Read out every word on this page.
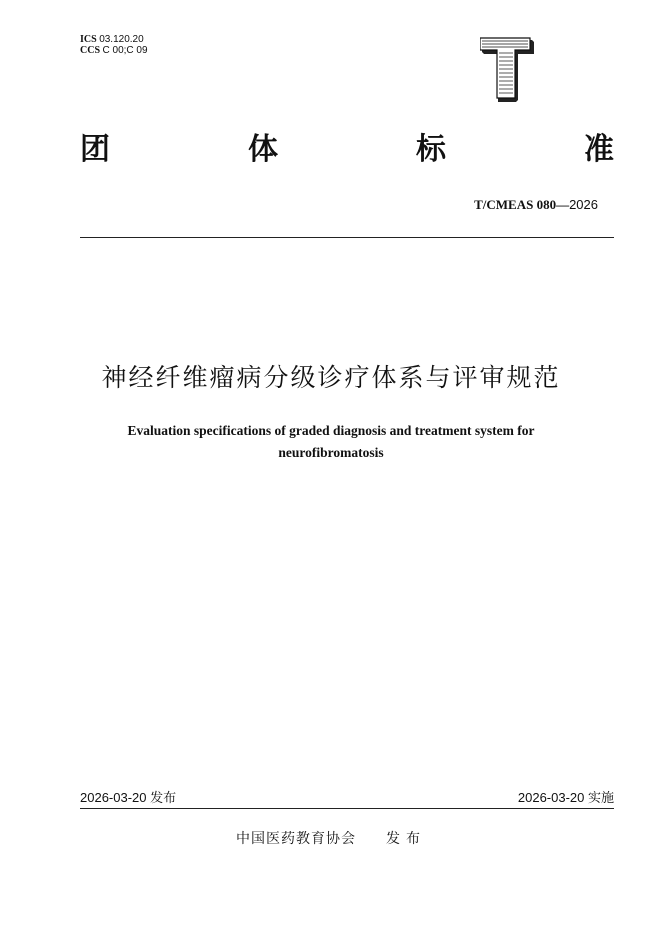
ICS 03.120.20
CCS C 00;C 09
团	体	标	准
T/CMEAS 080—2026
神经纤维瘤病分级诊疗体系与评审规范
Evaluation specifications of graded diagnosis and treatment system for
neurofibromatosis
2026-03-20 发布	2026-03-20 实施
中国医药教育协会 发布
